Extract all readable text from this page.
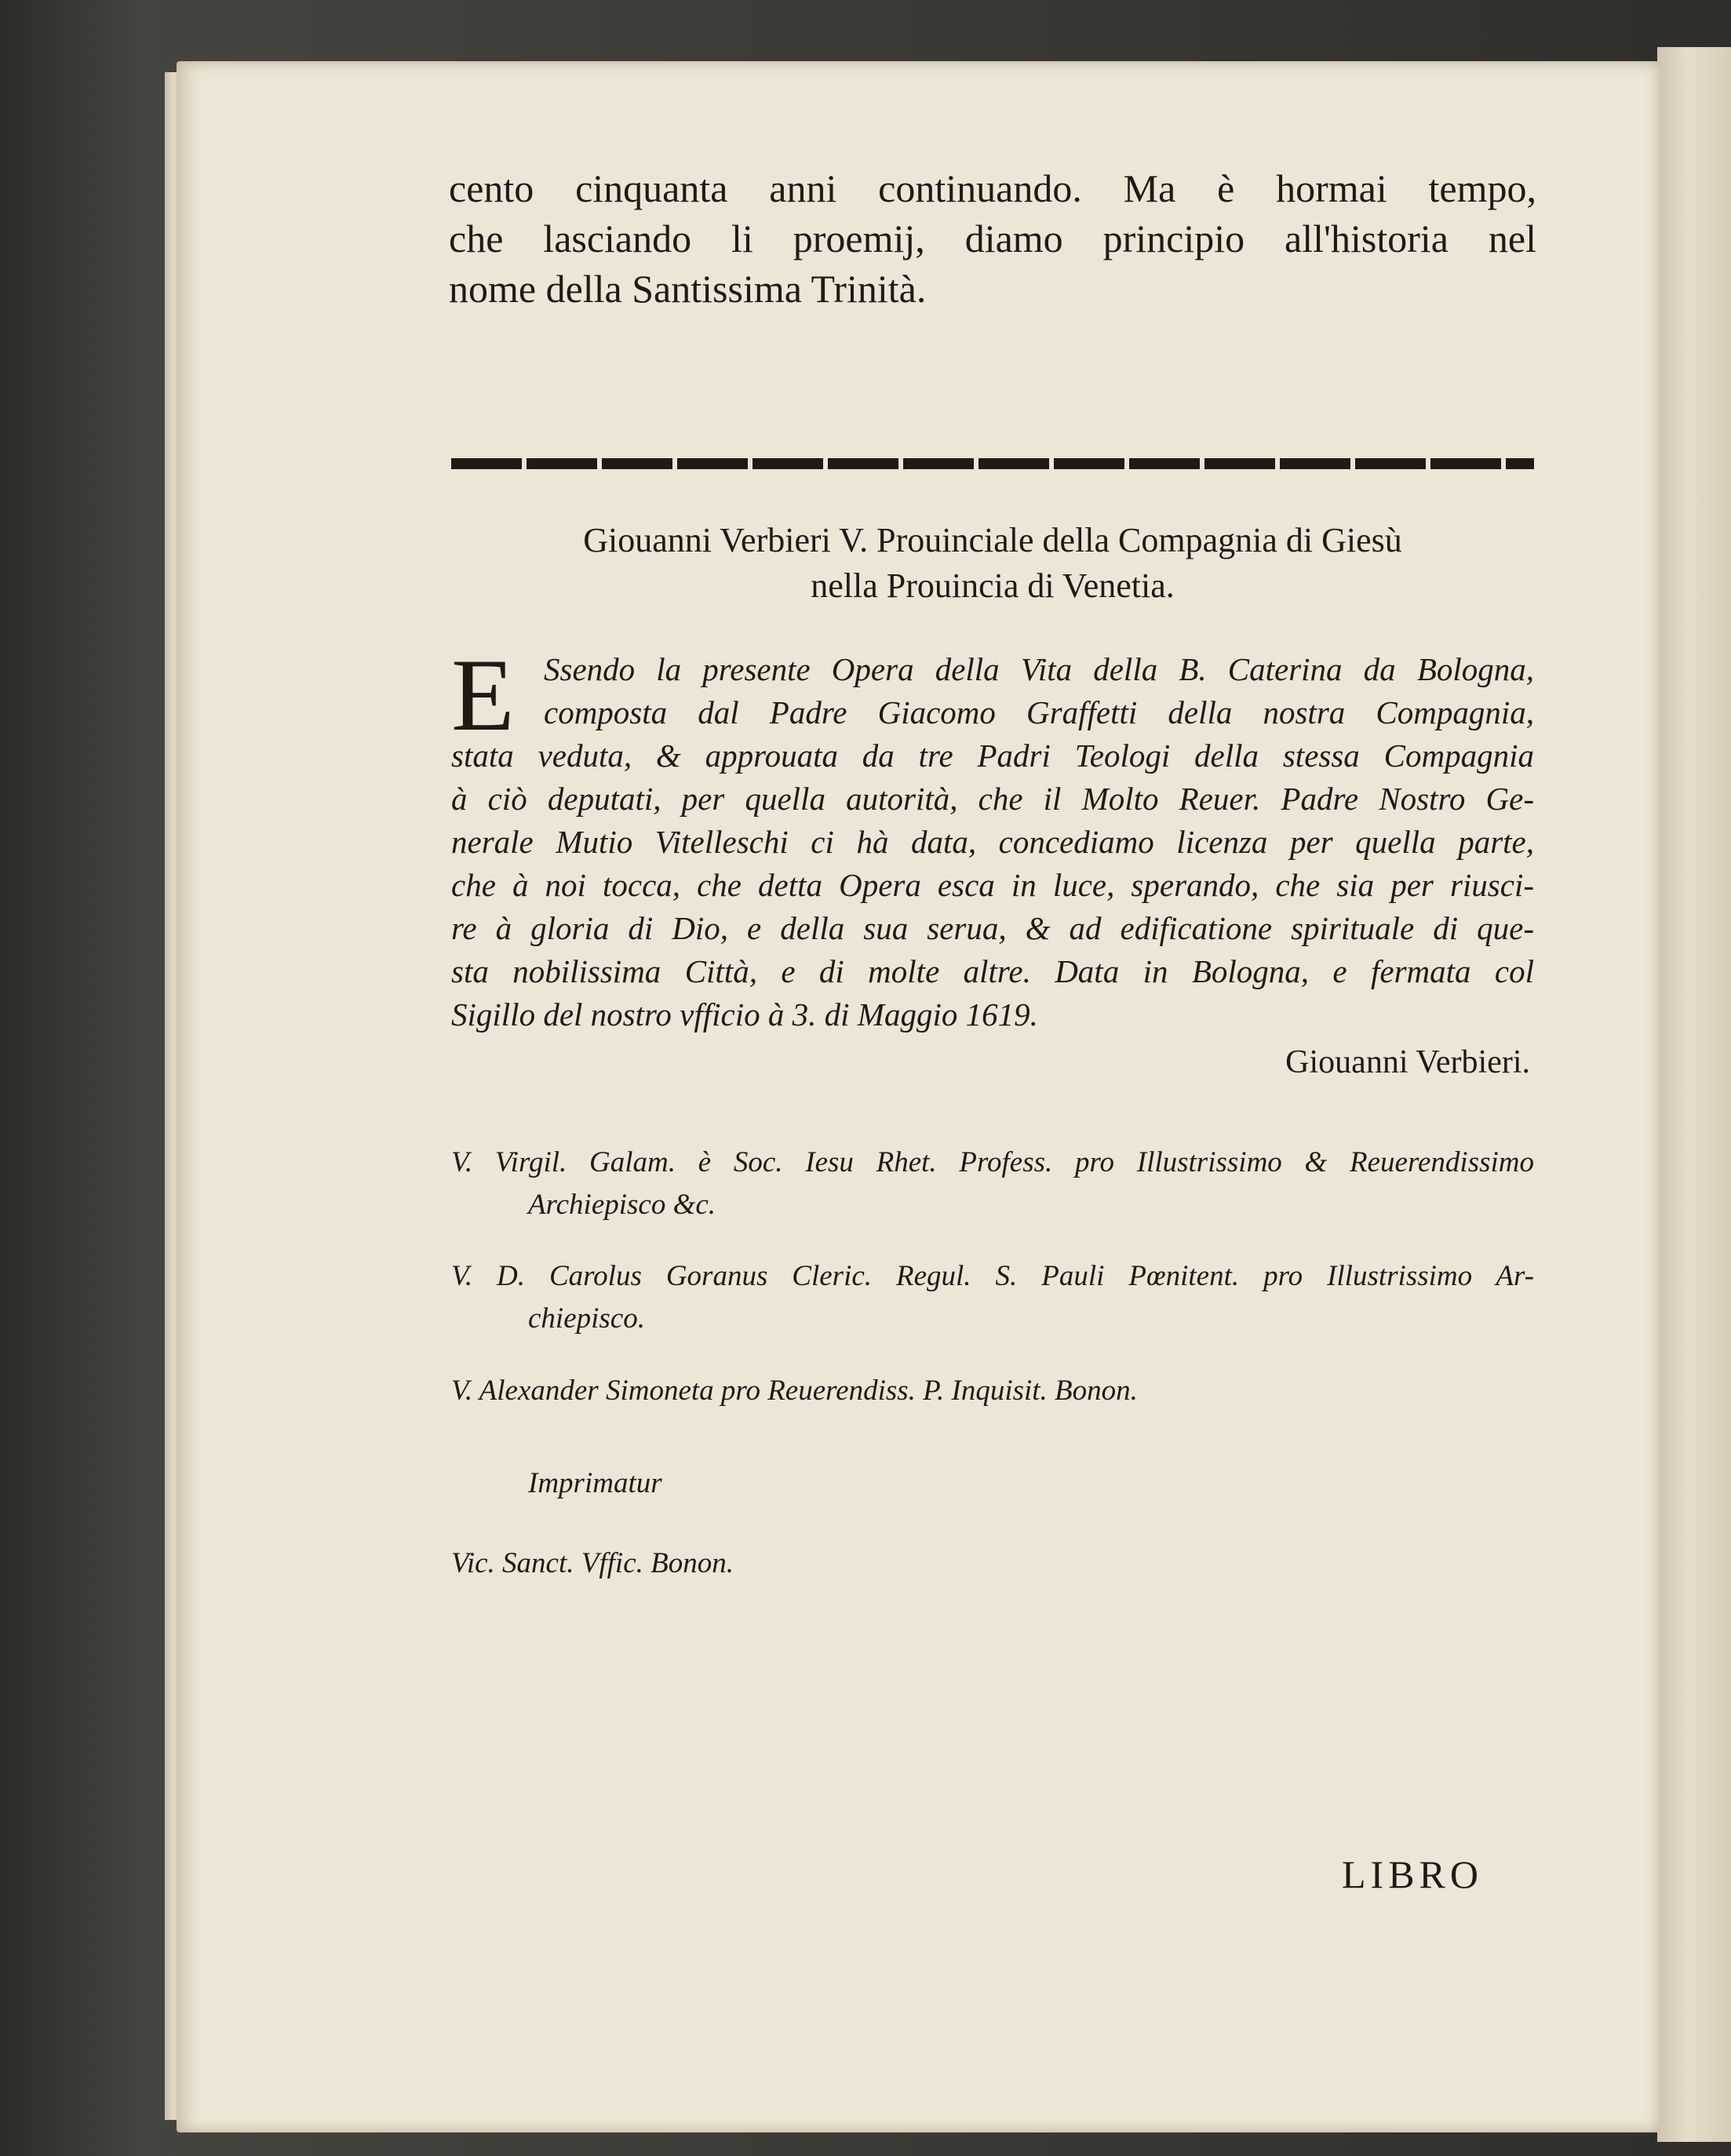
cento cinquanta anni continuando. Ma è hormai tempo,
che lasciando li proemij, diamo principio all'historia nel
nome della Santissima Trinità.
Giouanni Verbieri V. Prouinciale della Compagnia di Giesù
nella Prouincia di Venetia.
E Ssendo la presente Opera della Vita della B. Caterina da Bologna,
composta dal Padre Giacomo Graffetti della nostra Compagnia,
stata veduta, & approuata da tre Padri Teologi della stessa Compagnia
à ciò deputati, per quella autorità, che il Molto Reuer. Padre Nostro Ge-
nerale Mutio Vitelleschi ci hà data, concediamo licenza per quella parte,
che à noi tocca, che detta Opera esca in luce, sperando, che sia per riusci-
re à gloria di Dio, e della sua serua, & ad edificatione spirituale di que-
sta nobilissima Città, e di molte altre. Data in Bologna, e fermata col
Sigillo del nostro vfficio à 3. di Maggio 1619.
Giouanni Verbieri.
V. Virgil. Galam. è Soc. Iesu Rhet. Profess. pro Illustrissimo & Reuerendissimo
Archiepiscо &c.
V. D. Carolus Goranus Cleric. Regul. S. Pauli Pœnitent. pro Illustrissimo Ar-
chiepisco.
V. Alexander Simoneta pro Reuerendiss. P. Inquisit. Bonon.
Imprimatur
Vic. Sanct. Vffic. Bonon.
LIBRO
